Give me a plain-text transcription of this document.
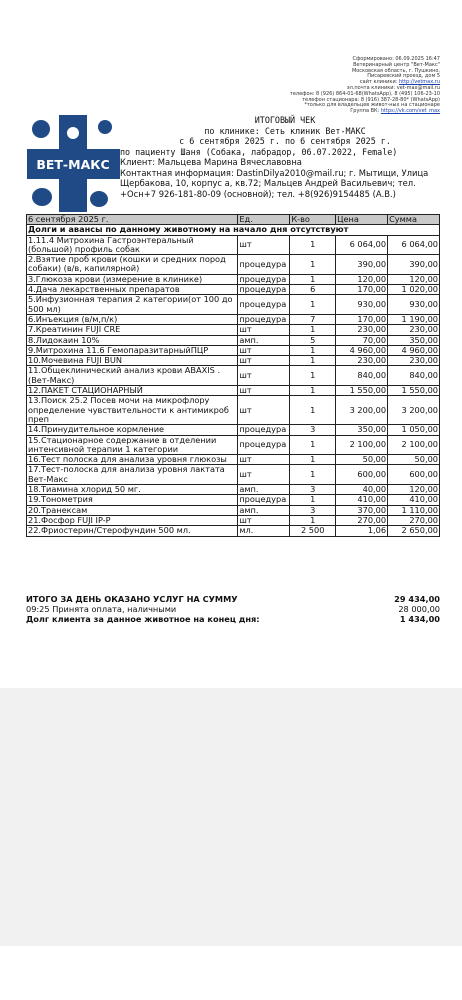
Сформировано: 06.09.2025 16:47
Ветеринарный центр "Вет-Макс"
Московская область, г. Пушкино,
Писаревский проезд, дом 5
сайт клиники: http://vetmax.ru
эл.почта клиники: vet-max@mail.ru
телефон: 8 (926) 864-01-68(WhatsApp), 8 (495) 106-23-10
телефон стационара: 8 (916) 387-28-80* (WhatsApp)
*только для владельцев живот-ных на стационаре
Группа ВК: https://vk.com/vet_max
ВЕТ-МАКС
ИТОГОВЫЙ ЧЕК
по клинике: Сеть клиник Вет-МАКС
с 6 сентября 2025 г. по 6 сентября 2025 г.
по пациенту Шаня (Собака, лабрадор, 06.07.2022, Female)
Клиент: Мальцева Марина Вячеславовна
Контактная информация: DastinDilya2010@mail.ru; г. Мытищи, Улица Щербакова, 10, корпус а, кв.72; Мальцев Андрей Васильевич; тел. +Осн+7 926-181-80-09 (основной); тел. +8(926)9154485 (А.В.)
6 сентября 2025 г.	Ед.	К-во	Цена	Сумма
Долги и авансы по данному животному на начало дня отсутствуют				
1.11.4 Митрохина Гастроэнтеральный (большой) профиль собак	шт	1	6 064,00	6 064,00
2.Взятие проб крови (кошки и средних пород собаки) (в/в, капилярной)	процедура	1	390,00	390,00
3.Глюкоза крови (измерение в клинике)	процедура	1	120,00	120,00
4.Дача лекарственных препаратов	процедура	6	170,00	1 020,00
5.Инфузионная терапия 2 категории(от 100 до 500 мл)	процедура	1	930,00	930,00
6.Инъекция (в/м,п/к)	процедура	7	170,00	1 190,00
7.Креатинин FUJI CRE	шт	1	230,00	230,00
8.Лидокаин 10%	амп.	5	70,00	350,00
9.Митрохина 11.6 ГемопаразитарныйПЦР	шт	1	4 960,00	4 960,00
10.Мочевина FUJI BUN	шт	1	230,00	230,00
11.Общеклинический анализ крови ABAXIS .(Вет-Макс)	шт	1	840,00	840,00
12.ПАКЕТ СТАЦИОНАРНЫЙ	шт	1	1 550,00	1 550,00
13.Поиск 25.2 Посев мочи на микрофлору определение чувствительности к антимикроб преп	шт	1	3 200,00	3 200,00
14.Принудительное кормление	процедура	3	350,00	1 050,00
15.Стационарное содержание в отделении интенсивной терапии 1 категории	процедура	1	2 100,00	2 100,00
16.Тест полоска для анализа уровня глюкозы	шт	1	50,00	50,00
17.Тест-полоска для анализа уровня лактата Вет-Макс	шт	1	600,00	600,00
18.Тиамина хлорид 50 мг.	амп.	3	40,00	120,00
19.Тонометрия	процедура	1	410,00	410,00
20.Транексам	амп.	3	370,00	1 110,00
21.Фосфор FUJI IP-P	шт	1	270,00	270,00
22.Фриостерин/Стерофундин 500 мл.	мл.	2 500	1,06	2 650,00
ИТОГО ЗА ДЕНЬ ОКАЗАНО УСЛУГ НА СУММУ	29 434,00
09:25 Принята оплата, наличными	28 000,00
Долг клиента за данное животное на конец дня:	1 434,00
